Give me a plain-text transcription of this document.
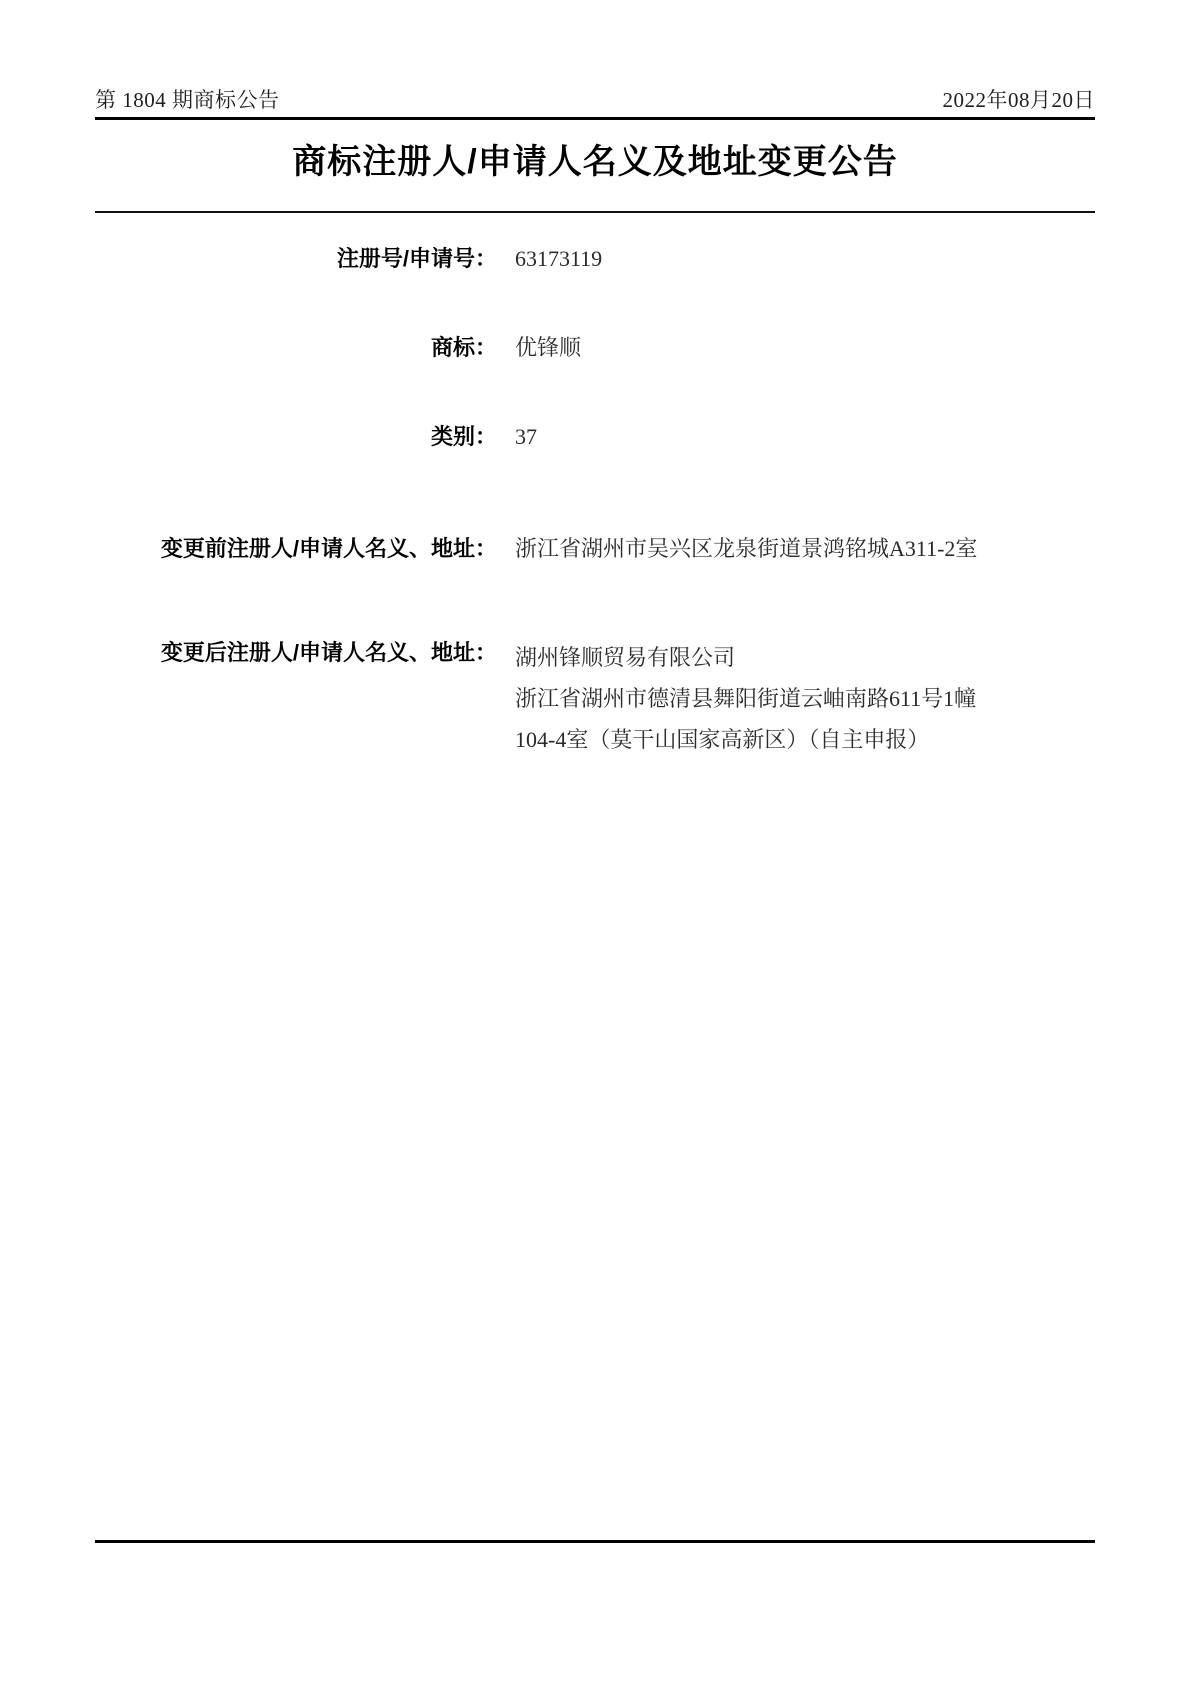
第 1804 期商标公告	2022年08月20日
商标注册人/申请人名义及地址变更公告
注册号/申请号： 63173119
商标： 优锋顺
类别： 37
变更前注册人/申请人名义、地址： 浙江省湖州市吴兴区龙泉街道景鸿铭城A311-2室
变更后注册人/申请人名义、地址： 湖州锋顺贸易有限公司
浙江省湖州市德清县舞阳街道云岫南路611号1幢
104-4室（莫干山国家高新区）（自主申报）
